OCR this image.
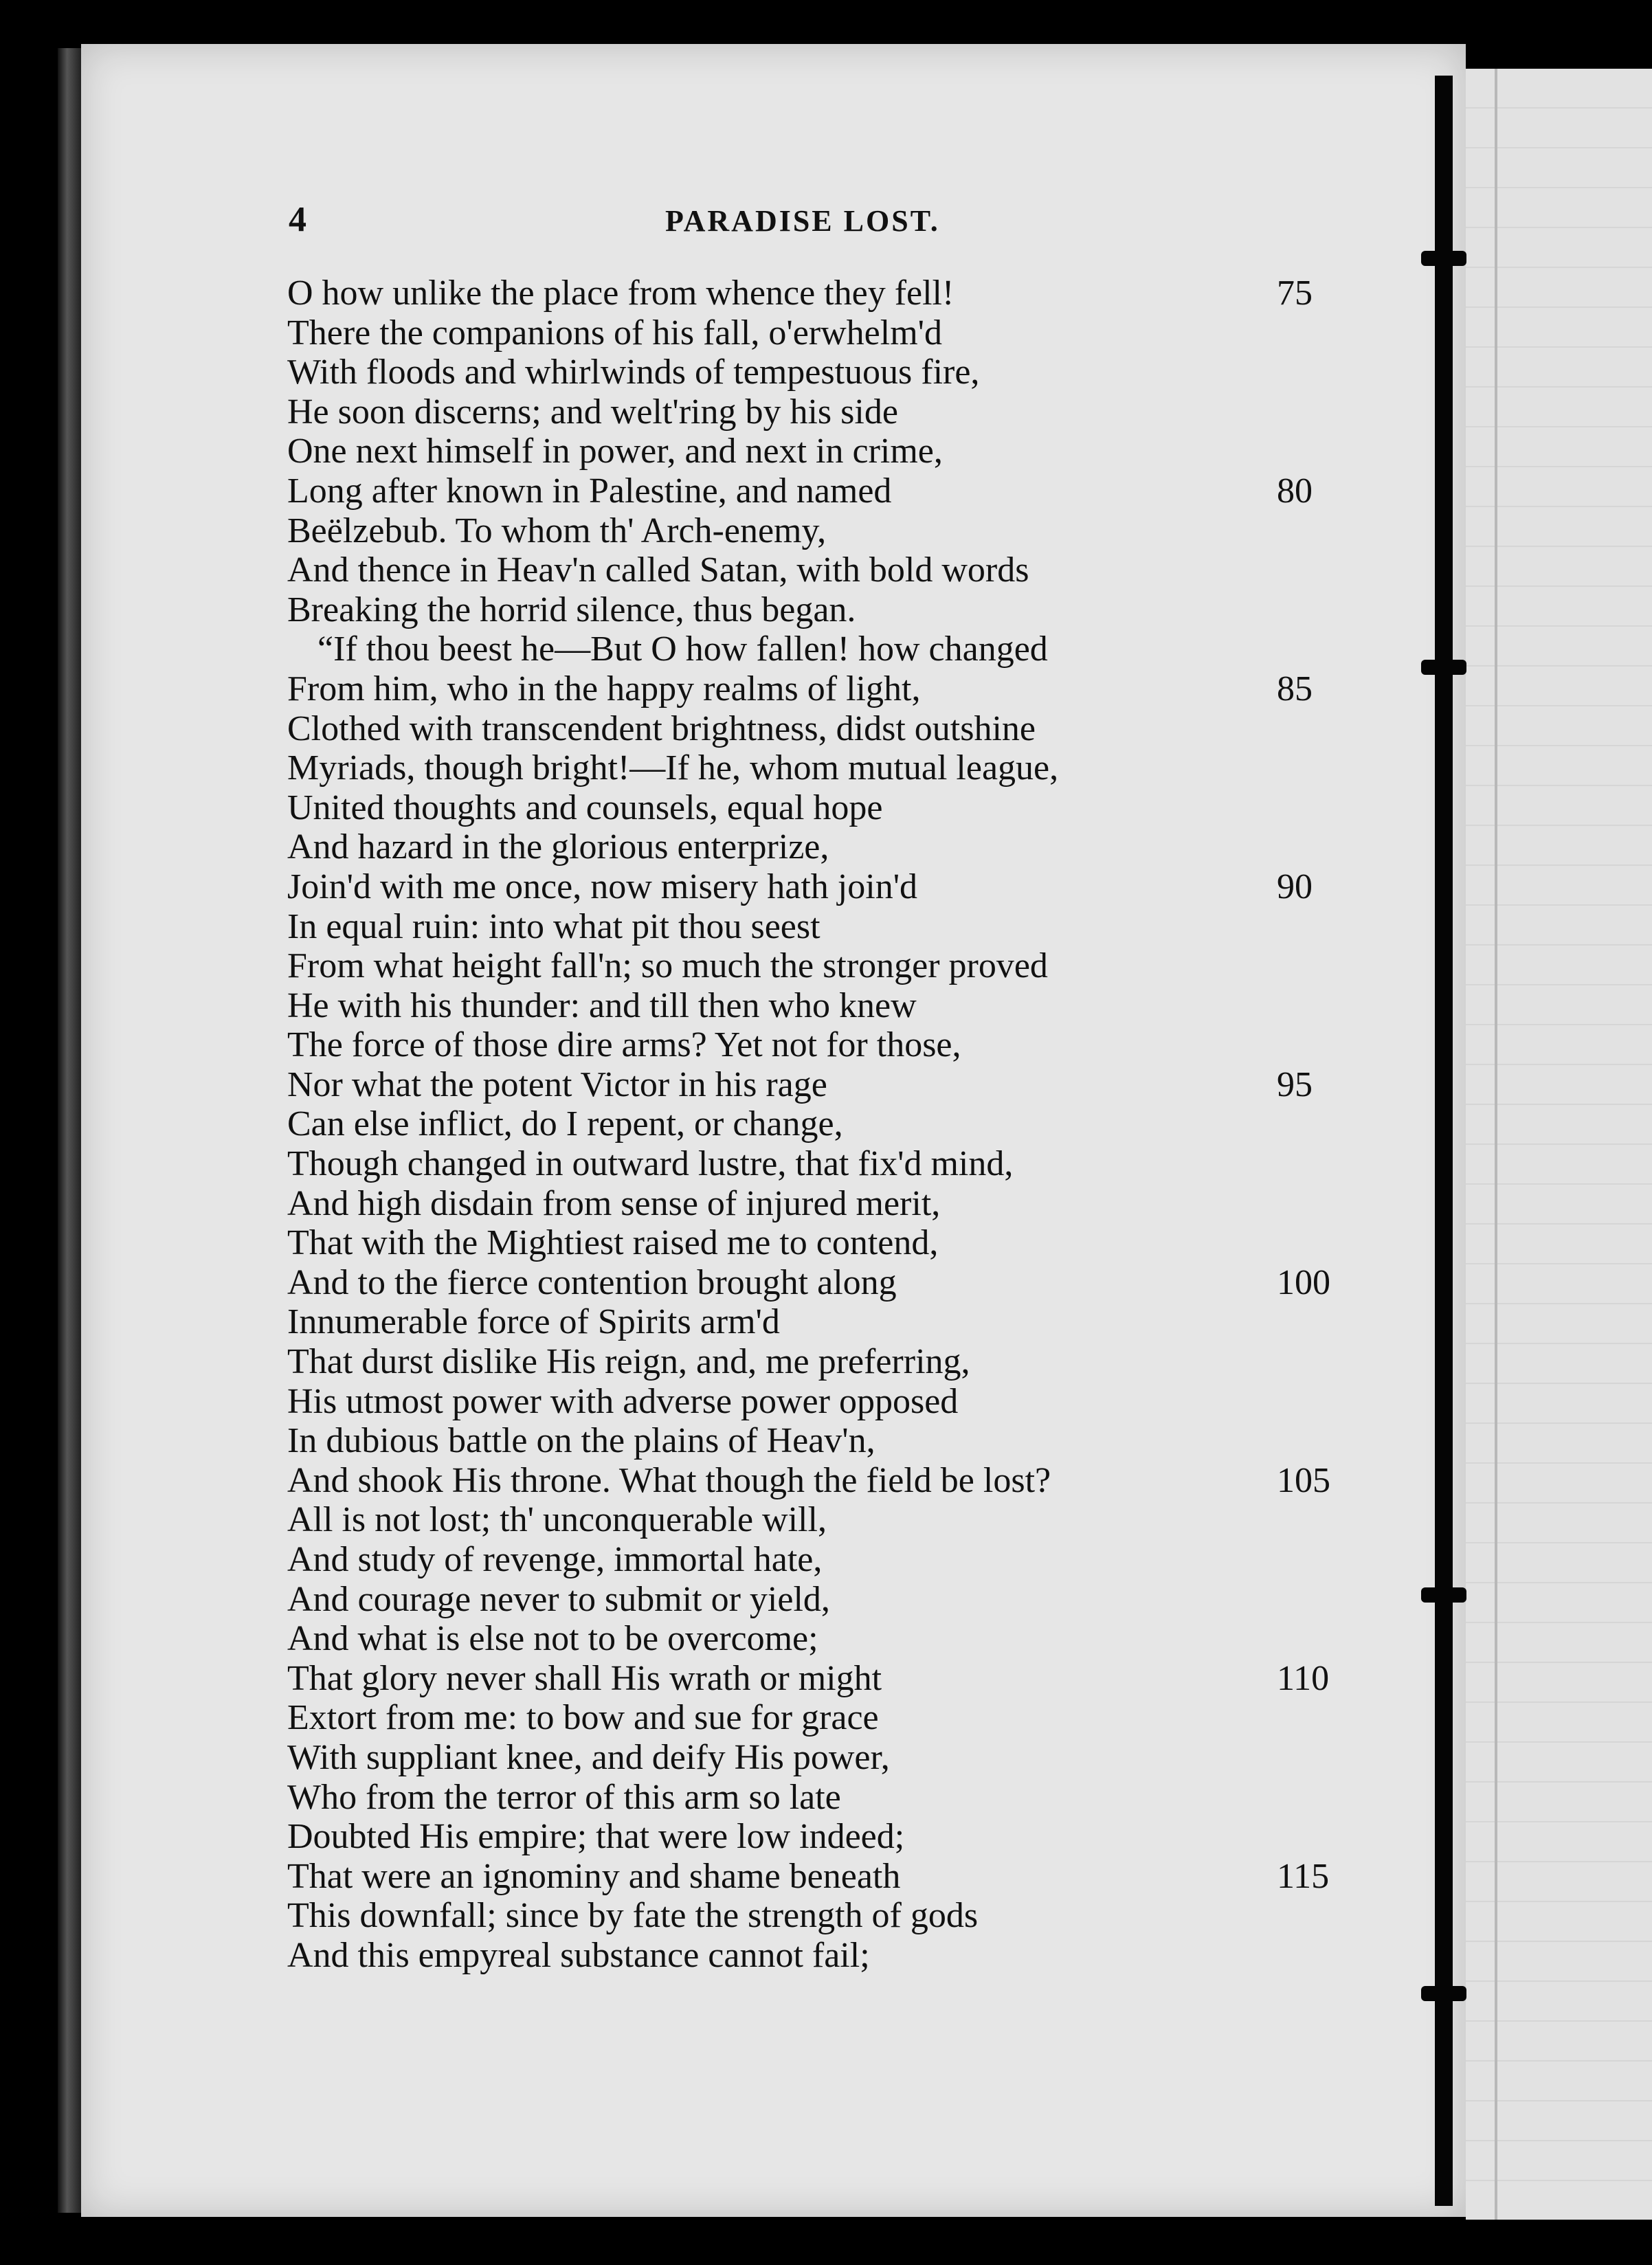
4	PARADISE LOST.
O how unlike the place from whence they fell!	75
There the companions of his fall, o'erwhelm'd
With floods and whirlwinds of tempestuous fire,
He soon discerns; and welt'ring by his side
One next himself in power, and next in crime,
Long after known in Palestine, and named	80
Beëlzebub. To whom th' Arch-enemy,
And thence in Heav'n called Satan, with bold words
Breaking the horrid silence, thus began.
“If thou beest he—But O how fallen! how changed
From him, who in the happy realms of light,	85
Clothed with transcendent brightness, didst outshine
Myriads, though bright!—If he, whom mutual league,
United thoughts and counsels, equal hope
And hazard in the glorious enterprize,
Join'd with me once, now misery hath join'd	90
In equal ruin: into what pit thou seest
From what height fall'n; so much the stronger proved
He with his thunder: and till then who knew
The force of those dire arms? Yet not for those,
Nor what the potent Victor in his rage	95
Can else inflict, do I repent, or change,
Though changed in outward lustre, that fix'd mind,
And high disdain from sense of injured merit,
That with the Mightiest raised me to contend,
And to the fierce contention brought along	100
Innumerable force of Spirits arm'd
That durst dislike His reign, and, me preferring,
His utmost power with adverse power opposed
In dubious battle on the plains of Heav'n,
And shook His throne. What though the field be lost?	105
All is not lost; th' unconquerable will,
And study of revenge, immortal hate,
And courage never to submit or yield,
And what is else not to be overcome;
That glory never shall His wrath or might	110
Extort from me: to bow and sue for grace
With suppliant knee, and deify His power,
Who from the terror of this arm so late
Doubted His empire; that were low indeed;
That were an ignominy and shame beneath	115
This downfall; since by fate the strength of gods
And this empyreal substance cannot fail;
